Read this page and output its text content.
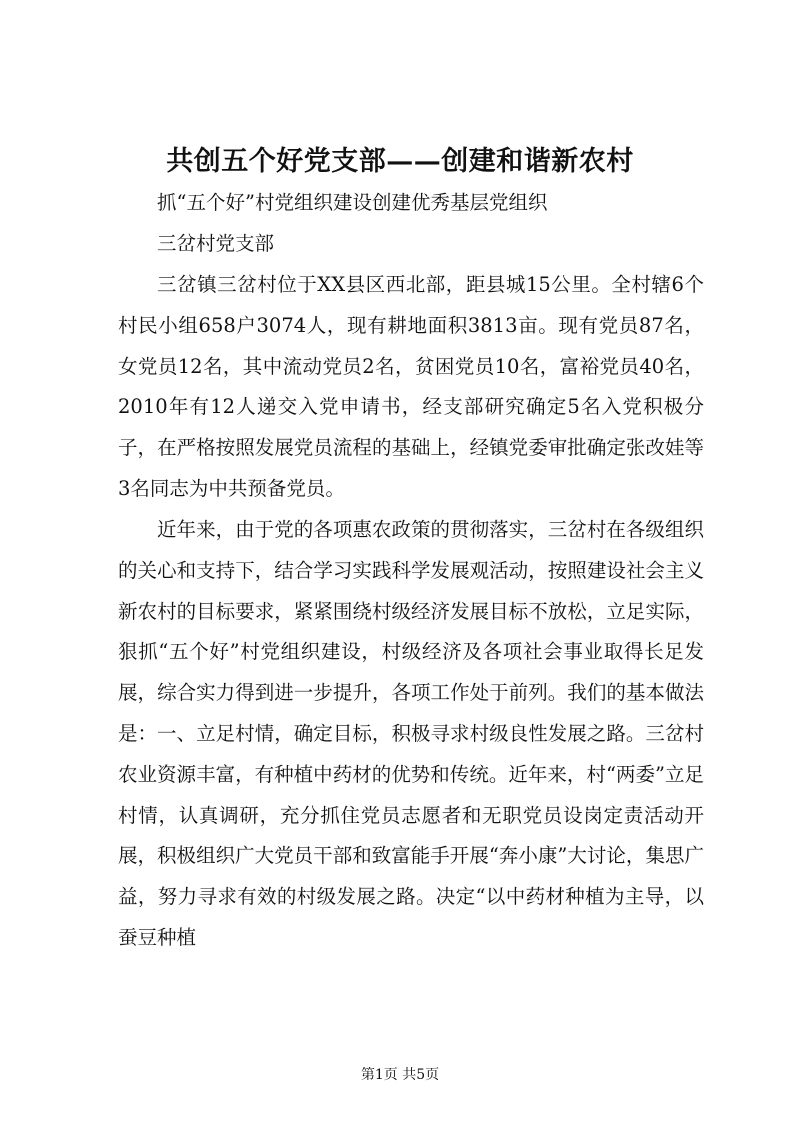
共创五个好党支部——创建和谐新农村

抓“五个好”村党组织建设创建优秀基层党组织

三岔村党支部

三岔镇三岔村位于XX县区西北部，距县城15公里。全村辖6个村民小组658户3074人，现有耕地面积3813亩。现有党员87名，女党员12名，其中流动党员2名，贫困党员10名，富裕党员40名，2010年有12人递交入党申请书，经支部研究确定5名入党积极分子，在严格按照发展党员流程的基础上，经镇党委审批确定张改娃等3名同志为中共预备党员。

近年来，由于党的各项惠农政策的贯彻落实，三岔村在各级组织的关心和支持下，结合学习实践科学发展观活动，按照建设社会主义新农村的目标要求，紧紧围绕村级经济发展目标不放松，立足实际，狠抓“五个好”村党组织建设，村级经济及各项社会事业取得长足发展，综合实力得到进一步提升，各项工作处于前列。我们的基本做法是： 一、立足村情，确定目标，积极寻求村级良性发展之路。三岔村农业资源丰富，有种植中药材的优势和传统。近年来，村“两委”立足村情，认真调研，充分抓住党员志愿者和无职党员设岗定责活动开展，积极组织广大党员干部和致富能手开展“奔小康”大讨论，集思广益，努力寻求有效的村级发展之路。决定“以中药材种植为主导，以蚕豆种植

第1页 共5页
